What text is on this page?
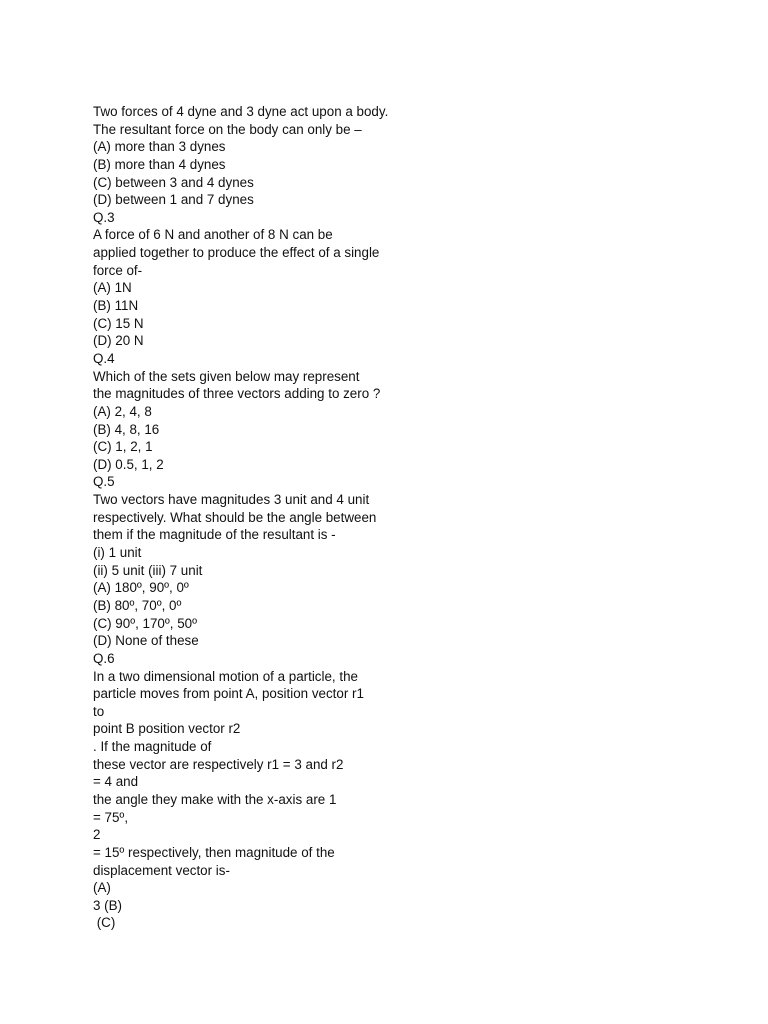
Two forces of 4 dyne and 3 dyne act upon a body.
The resultant force on the body can only be –
(A) more than 3 dynes
(B) more than 4 dynes
(C) between 3 and 4 dynes
(D) between 1 and 7 dynes
Q.3
A force of 6 N and another of 8 N can be
applied together to produce the effect of a single
force of-
(A) 1N
(B) 11N
(C) 15 N
(D) 20 N
Q.4
Which of the sets given below may represent
the magnitudes of three vectors adding to zero ?
(A) 2, 4, 8
(B) 4, 8, 16
(C) 1, 2, 1
(D) 0.5, 1, 2
Q.5
Two vectors have magnitudes 3 unit and 4 unit
respectively. What should be the angle between
them if the magnitude of the resultant is -
(i) 1 unit
(ii) 5 unit (iii) 7 unit
(A) 180º, 90º, 0º
(B) 80º, 70º, 0º
(C) 90º, 170º, 50º
(D) None of these
Q.6
In a two dimensional motion of a particle, the
particle moves from point A, position vector r1
to
point B position vector r2
. If the magnitude of
these vector are respectively r1 = 3 and r2
= 4 and
the angle they make with the x-axis are 1
= 75º,
2
= 15º respectively, then magnitude of the
displacement vector is-
(A)
3 (B)
(C)
